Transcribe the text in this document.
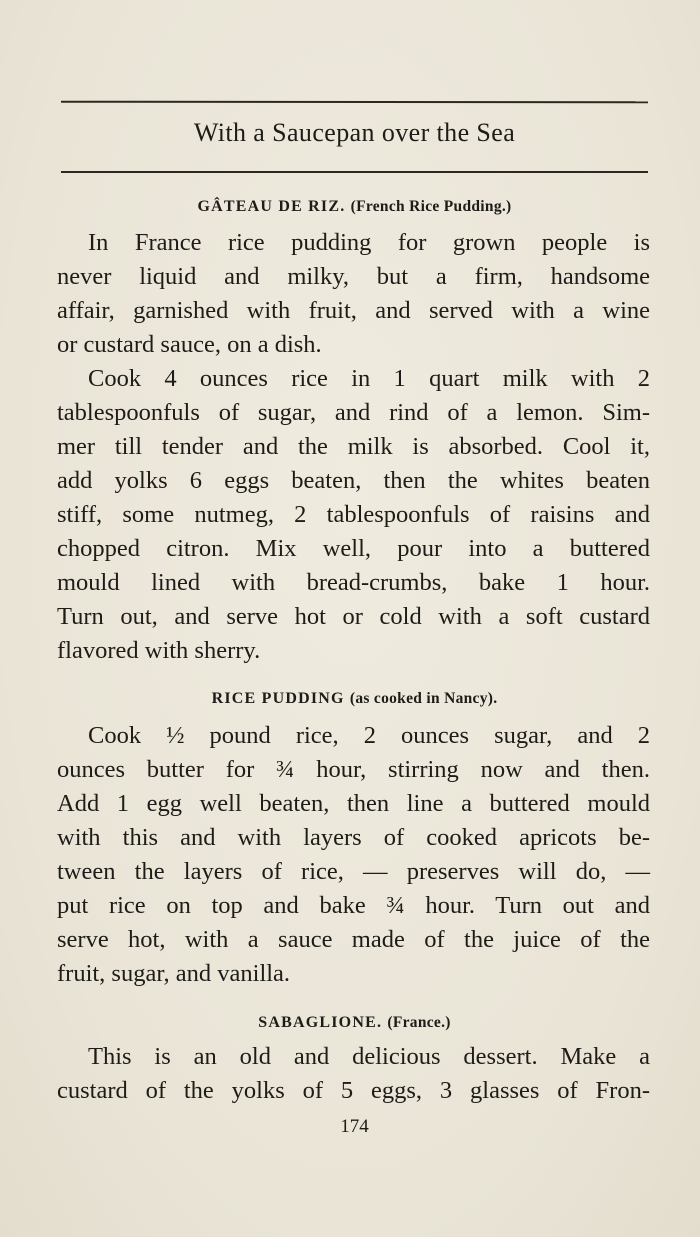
With a Saucepan over the Sea
GÂTEAU DE RIZ. (French Rice Pudding.)
In France rice pudding for grown people is
never liquid and milky, but a firm, handsome
affair, garnished with fruit, and served with a wine
or custard sauce, on a dish.
Cook 4 ounces rice in 1 quart milk with 2
tablespoonfuls of sugar, and rind of a lemon. Sim-
mer till tender and the milk is absorbed. Cool it,
add yolks 6 eggs beaten, then the whites beaten
stiff, some nutmeg, 2 tablespoonfuls of raisins and
chopped citron. Mix well, pour into a buttered
mould lined with bread-crumbs, bake 1 hour.
Turn out, and serve hot or cold with a soft custard
flavored with sherry.
RICE PUDDING (as cooked in Nancy).
Cook ½ pound rice, 2 ounces sugar, and 2
ounces butter for ¾ hour, stirring now and then.
Add 1 egg well beaten, then line a buttered mould
with this and with layers of cooked apricots be-
tween the layers of rice, — preserves will do, —
put rice on top and bake ¾ hour. Turn out and
serve hot, with a sauce made of the juice of the
fruit, sugar, and vanilla.
SABAGLIONE. (France.)
This is an old and delicious dessert. Make a
custard of the yolks of 5 eggs, 3 glasses of Fron-
174
